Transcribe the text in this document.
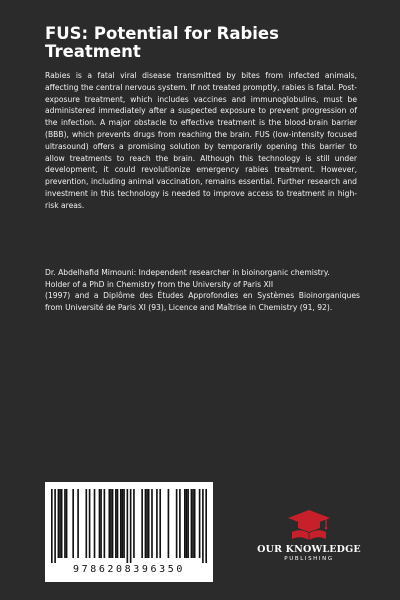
FUS: Potential for Rabies Treatment

Rabies is a fatal viral disease transmitted by bites from infected animals, affecting the central nervous system. If not treated promptly, rabies is fatal. Post-exposure treatment, which includes vaccines and immunoglobulins, must be administered immediately after a suspected exposure to prevent progression of the infection. A major obstacle to effective treatment is the blood-brain barrier (BBB), which prevents drugs from reaching the brain. FUS (low-intensity focused ultrasound) offers a promising solution by temporarily opening this barrier to allow treatments to reach the brain. Although this technology is still under development, it could revolutionize emergency rabies treatment. However, prevention, including animal vaccination, remains essential. Further research and investment in this technology is needed to improve access to treatment in high-risk areas.

Dr. Abdelhafid Mimouni: Independent researcher in bioinorganic chemistry.
Holder of a PhD in Chemistry from the University of Paris XII
(1997) and a Diplôme des Études Approfondies en Systèmes Bioinorganiques
from Université de Paris XI (93), Licence and Maîtrise in Chemistry (91, 92).
9786208396350
OUR KNOWLEDGE
PUBLISHING
